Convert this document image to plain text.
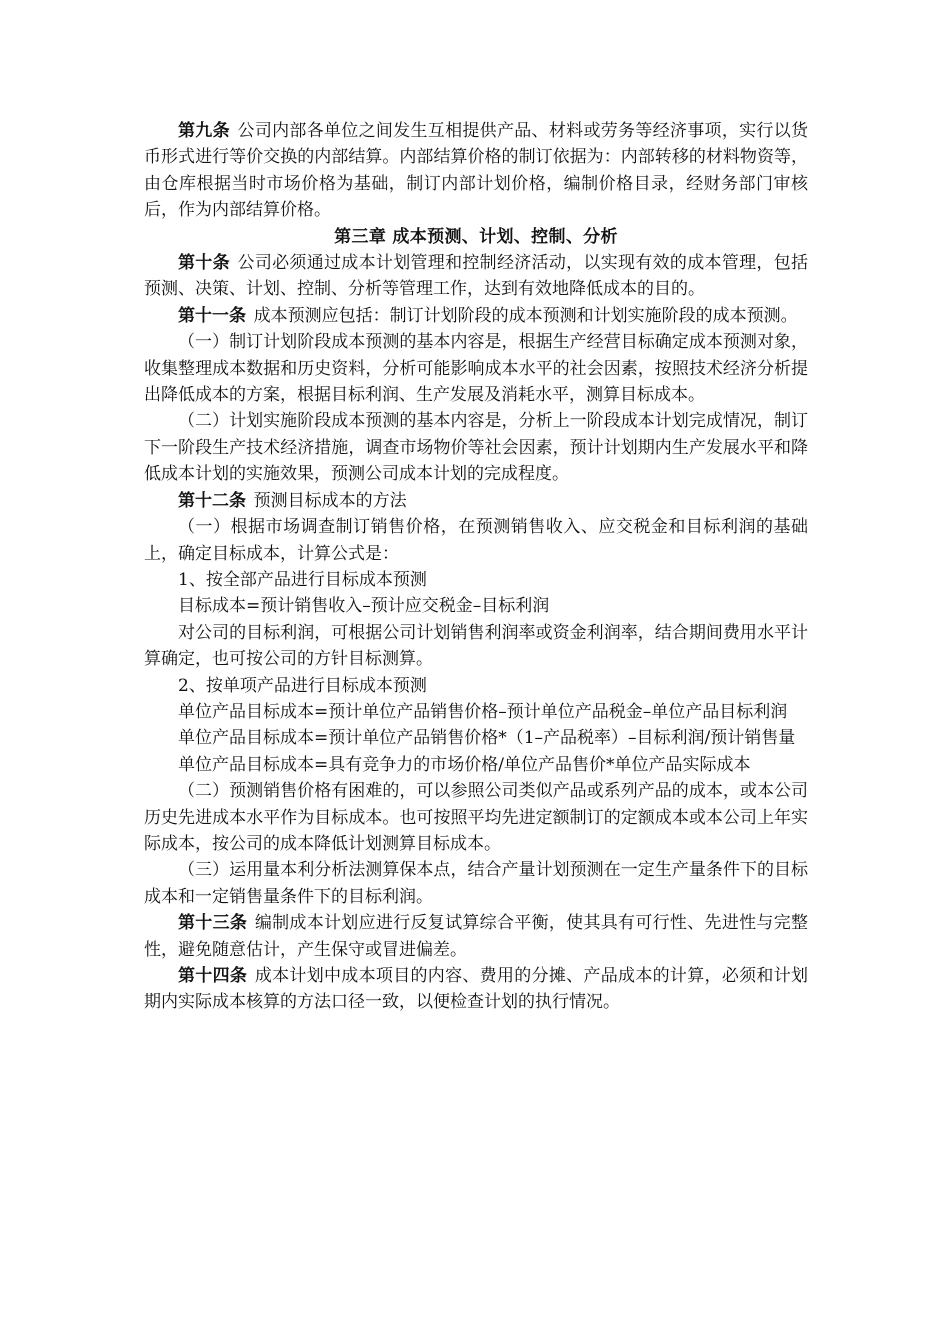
第九条 公司内部各单位之间发生互相提供产品、材料或劳务等经济事项，实行以货币形式进行等价交换的内部结算。内部结算价格的制订依据为：内部转移的材料物资等，由仓库根据当时市场价格为基础，制订内部计划价格，编制价格目录，经财务部门审核后，作为内部结算价格。

第三章 成本预测、计划、控制、分析

第十条 公司必须通过成本计划管理和控制经济活动，以实现有效的成本管理，包括预测、决策、计划、控制、分析等管理工作，达到有效地降低成本的目的。

第十一条 成本预测应包括：制订计划阶段的成本预测和计划实施阶段的成本预测。

（一）制订计划阶段成本预测的基本内容是，根据生产经营目标确定成本预测对象，收集整理成本数据和历史资料，分析可能影响成本水平的社会因素，按照技术经济分析提出降低成本的方案，根据目标利润、生产发展及消耗水平，测算目标成本。

（二）计划实施阶段成本预测的基本内容是，分析上一阶段成本计划完成情况，制订下一阶段生产技术经济措施，调查市场物价等社会因素，预计计划期内生产发展水平和降低成本计划的实施效果，预测公司成本计划的完成程度。

第十二条 预测目标成本的方法

（一）根据市场调查制订销售价格，在预测销售收入、应交税金和目标利润的基础上，确定目标成本，计算公式是：

1、按全部产品进行目标成本预测

目标成本=预计销售收入–预计应交税金–目标利润

对公司的目标利润，可根据公司计划销售利润率或资金利润率，结合期间费用水平计算确定，也可按公司的方针目标测算。

2、按单项产品进行目标成本预测

单位产品目标成本=预计单位产品销售价格–预计单位产品税金–单位产品目标利润

单位产品目标成本=预计单位产品销售价格*（1–产品税率）–目标利润/预计销售量

单位产品目标成本=具有竞争力的市场价格/单位产品售价*单位产品实际成本

（二）预测销售价格有困难的，可以参照公司类似产品或系列产品的成本，或本公司历史先进成本水平作为目标成本。也可按照平均先进定额制订的定额成本或本公司上年实际成本，按公司的成本降低计划测算目标成本。

（三）运用量本利分析法测算保本点，结合产量计划预测在一定生产量条件下的目标成本和一定销售量条件下的目标利润。

第十三条 编制成本计划应进行反复试算综合平衡，使其具有可行性、先进性与完整性，避免随意估计，产生保守或冒进偏差。

第十四条 成本计划中成本项目的内容、费用的分摊、产品成本的计算，必须和计划期内实际成本核算的方法口径一致，以便检查计划的执行情况。
